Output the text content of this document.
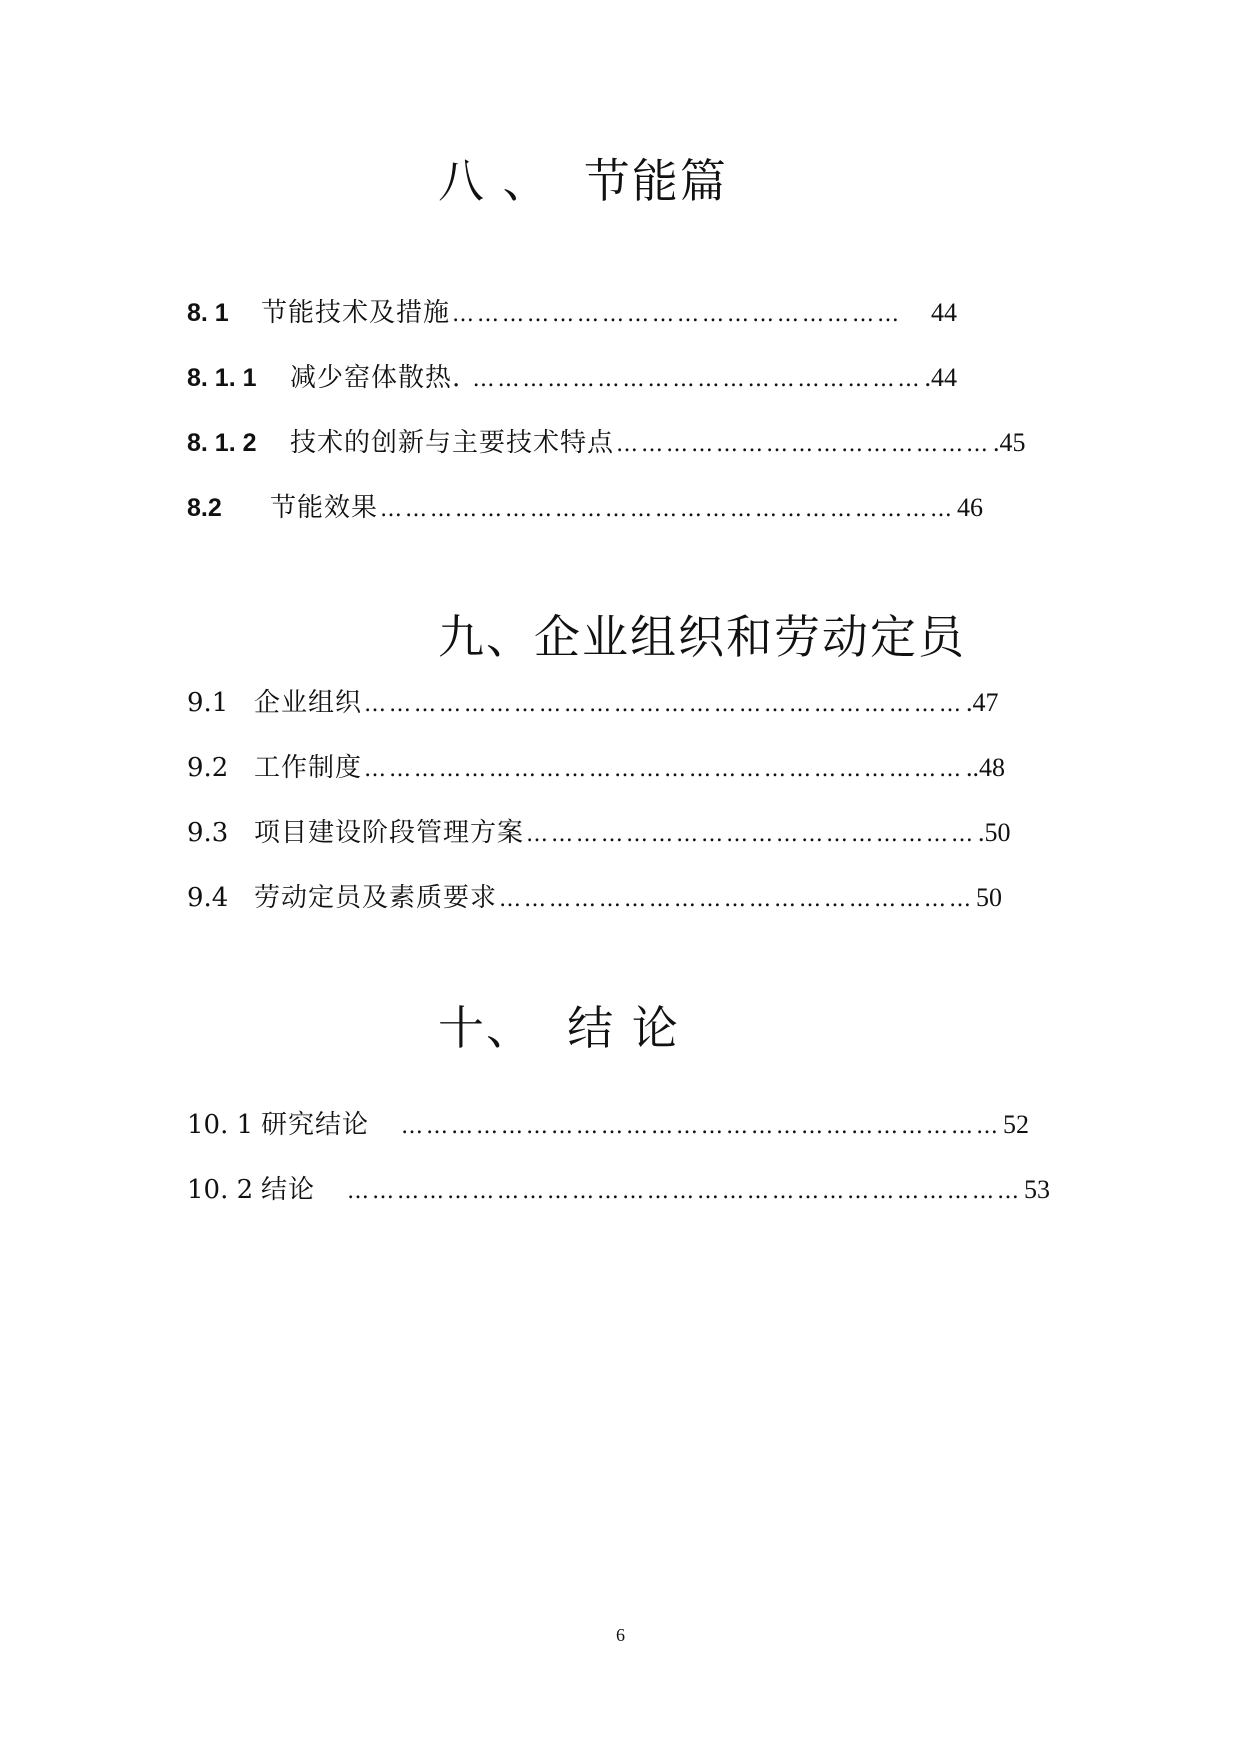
八 、  节能篇
8. 1	节能技术及措施 ………………………………………………	44
8. 1. 1	减少窑体散热. ……………………………………………… .44
8. 1. 2	技术的创新与主要技术特点 ……………………………………… .45
8.2	节能效果 …………………………………………………………… 46
九、企业组织和劳动定员
9.1 企业组织 ……………………………………………………………… .47
9.2 工作制度 ……………………………………………………………… ..48
9.3 项目建设阶段管理方案 ……………………………………………… .50
9.4 劳动定员及素质要求 ………………………………………………… 50
十、  结 论
10. 1 研究结论 ……………………………………………………………… 52
10. 2 结论 ……………………………………………………………………… 53
6
